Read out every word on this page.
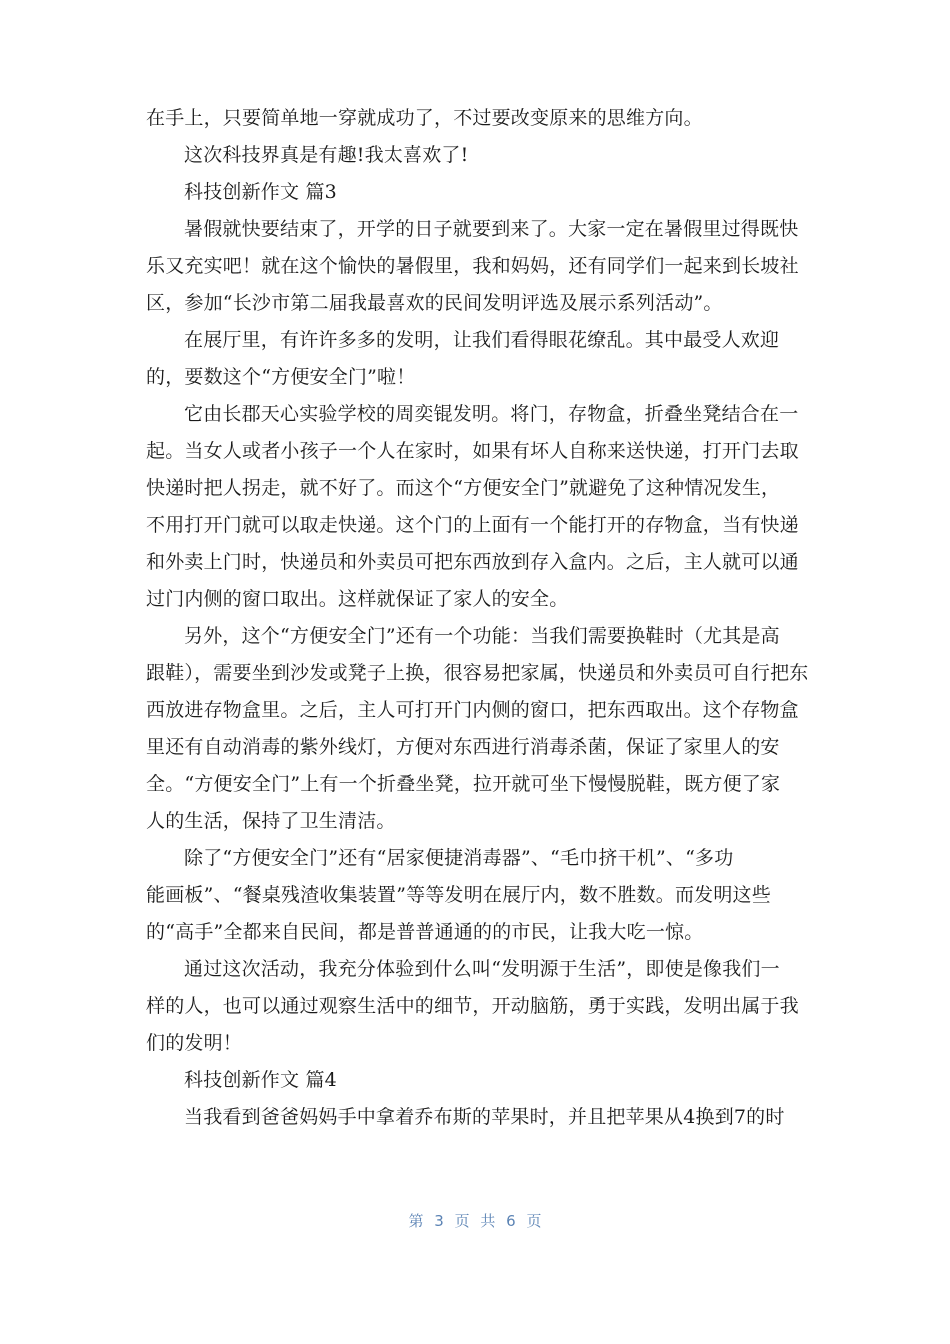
在手上，只要简单地一穿就成功了，不过要改变原来的思维方向。
这次科技界真是有趣!我太喜欢了!
科技创新作文 篇3
暑假就快要结束了，开学的日子就要到来了。大家一定在暑假里过得既快
乐又充实吧！就在这个愉快的暑假里，我和妈妈，还有同学们一起来到长坡社
区，参加“长沙市第二届我最喜欢的民间发明评选及展示系列活动”。
在展厅里，有许许多多的发明，让我们看得眼花缭乱。其中最受人欢迎
的，要数这个“方便安全门”啦！
它由长郡天心实验学校的周奕锟发明。将门，存物盒，折叠坐凳结合在一
起。当女人或者小孩子一个人在家时，如果有坏人自称来送快递，打开门去取
快递时把人拐走，就不好了。而这个“方便安全门”就避免了这种情况发生，
不用打开门就可以取走快递。这个门的上面有一个能打开的存物盒，当有快递
和外卖上门时，快递员和外卖员可把东西放到存入盒内。之后，主人就可以通
过门内侧的窗口取出。这样就保证了家人的安全。
另外，这个“方便安全门”还有一个功能：当我们需要换鞋时（尤其是高
跟鞋），需要坐到沙发或凳子上换，很容易把家属，快递员和外卖员可自行把东
西放进存物盒里。之后，主人可打开门内侧的窗口，把东西取出。这个存物盒
里还有自动消毒的紫外线灯，方便对东西进行消毒杀菌，保证了家里人的安
全。“方便安全门”上有一个折叠坐凳，拉开就可坐下慢慢脱鞋，既方便了家
人的生活，保持了卫生清洁。
除了“方便安全门”还有“居家便捷消毒器”、“毛巾挤干机”、“多功
能画板”、“餐桌残渣收集装置”等等发明在展厅内，数不胜数。而发明这些
的“高手”全都来自民间，都是普普通通的的市民，让我大吃一惊。
通过这次活动，我充分体验到什么叫“发明源于生活”，即使是像我们一
样的人，也可以通过观察生活中的细节，开动脑筋，勇于实践，发明出属于我
们的发明！
科技创新作文 篇4
当我看到爸爸妈妈手中拿着乔布斯的苹果时，并且把苹果从4换到7的时
第 3 页 共 6 页
